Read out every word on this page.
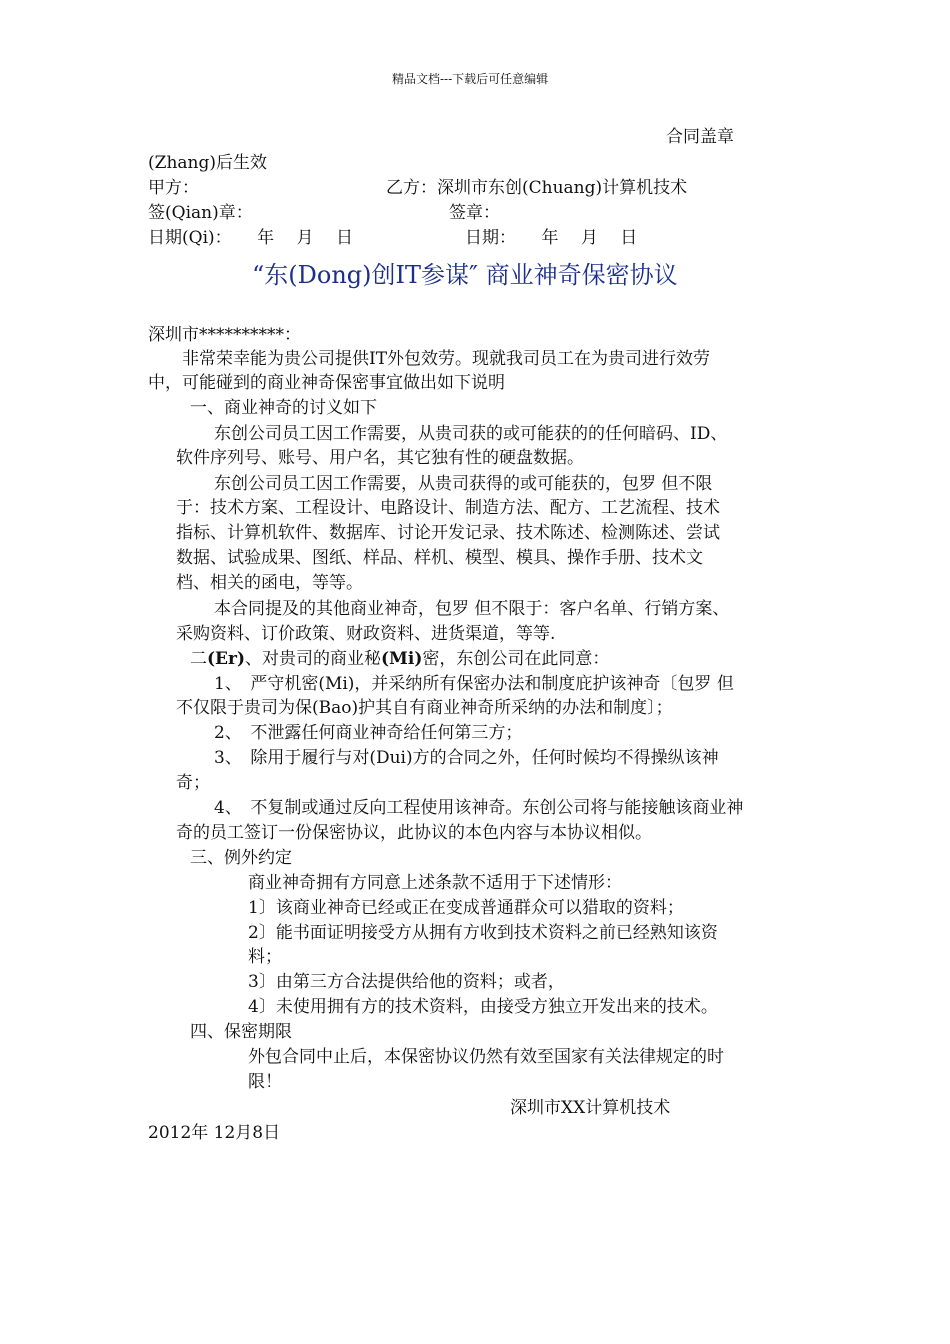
精品文档---下载后可任意编辑
合同盖章
(Zhang)后生效
甲方：	乙方：深圳市东创(Chuang)计算机技术
签(Qian)章：	签章：
日期(Qi)：　　年　 月　 日	日期：　　年　 月　 日
“东(Dong)创IT参谋″ 商业神奇保密协议
深圳市**********：
　　非常荣幸能为贵公司提供IT外包效劳。现就我司员工在为贵司进行效劳
中，可能碰到的商业神奇保密事宜做出如下说明
一、商业神奇的讨义如下
东创公司员工因工作需要，从贵司获的或可能获的的任何暗码、ID、
软件序列号、账号、用户名，其它独有性的硬盘数据。
东创公司员工因工作需要，从贵司获得的或可能获的，包罗 但不限
于：技术方案、工程设计、电路设计、制造方法、配方、工艺流程、技术
指标、计算机软件、数据库、讨论开发记录、技术陈述、检测陈述、尝试
数据、试验成果、图纸、样品、样机、模型、模具、操作手册、技术文
档、相关的函电，等等。
本合同提及的其他商业神奇，包罗 但不限于：客户名单、行销方案、
采购资料、订价政策、财政资料、进货渠道，等等.
二(Er)、对贵司的商业秘(Mi)密，东创公司在此同意：
1、　严守机密(Mi)，并采纳所有保密办法和制度庇护该神奇〔包罗 但
不仅限于贵司为保(Bao)护其自有商业神奇所采纳的办法和制度〕；
2、　不泄露任何商业神奇给任何第三方；
3、　除用于履行与对(Dui)方的合同之外，任何时候均不得操纵该神
奇；
4、　不复制或通过反向工程使用该神奇。东创公司将与能接触该商业神
奇的员工签订一份保密协议，此协议的本色内容与本协议相似。
三、例外约定
商业神奇拥有方同意上述条款不适用于下述情形：
1〕该商业神奇已经或正在变成普通群众可以猎取的资料；
2〕能书面证明接受方从拥有方收到技术资料之前已经熟知该资
料；
3〕由第三方合法提供给他的资料；或者，
4〕未使用拥有方的技术资料，由接受方独立开发出来的技术。
四、保密期限
外包合同中止后，本保密协议仍然有效至国家有关法律规定的时
限！
深圳市XX计算机技术
2012年 12月8日
